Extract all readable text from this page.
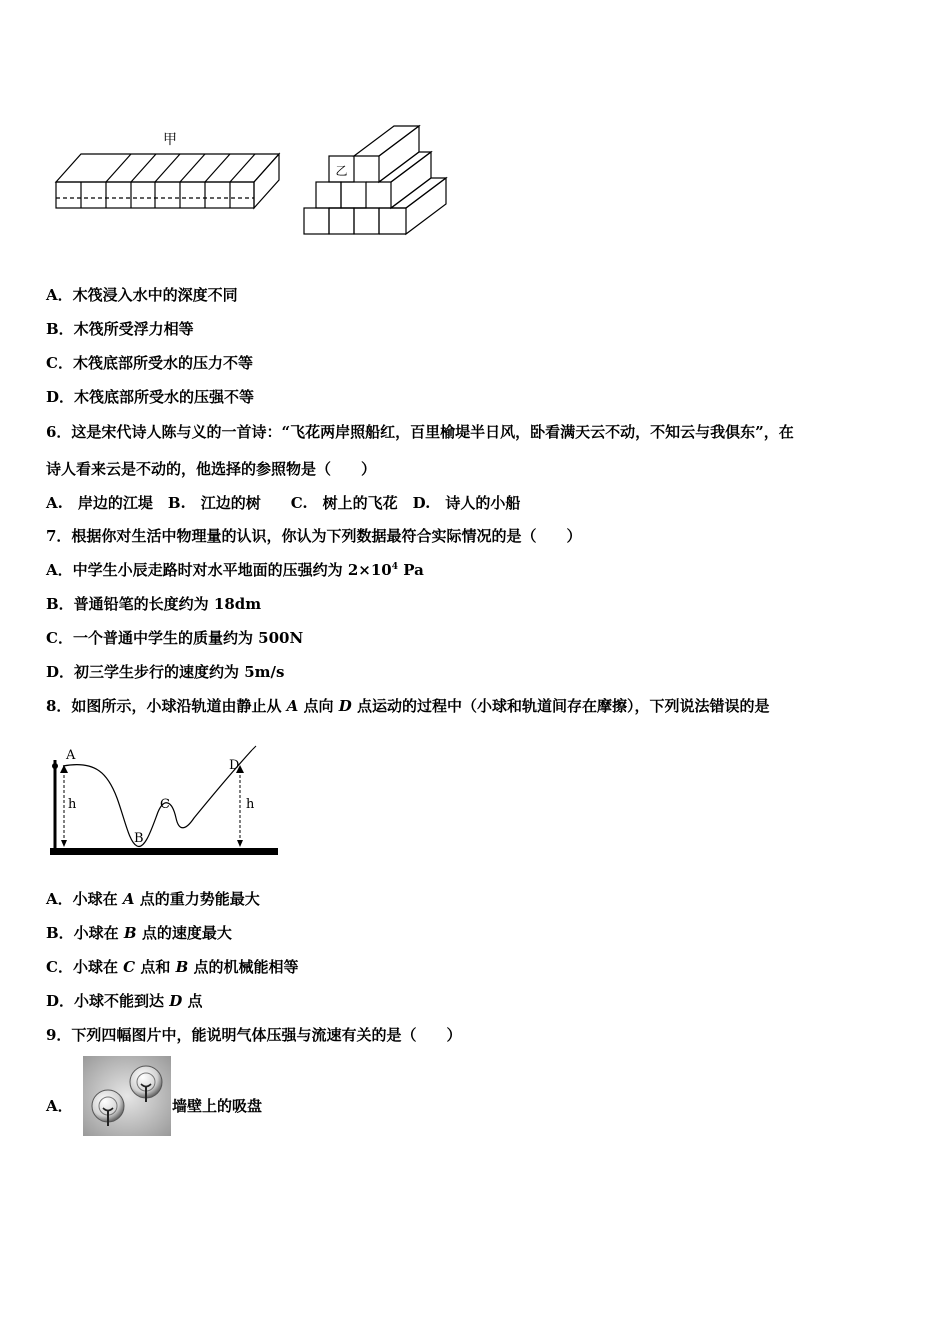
甲
乙
A．木筏浸入水中的深度不同
B．木筏所受浮力相等
C．木筏底部所受水的压力不等
D．木筏底部所受水的压强不等
6．这是宋代诗人陈与义的一首诗：“飞花两岸照船红，百里榆堤半日风，卧看满天云不动，不知云与我俱东”，在
诗人看来云是不动的，他选择的参照物是（　　）
A.　岸边的江堤　B.　江边的树　　C.　树上的飞花　D.　诗人的小船
7．根据你对生活中物理量的认识，你认为下列数据最符合实际情况的是（　　）
A．中学生小辰走路时对水平地面的压强约为 $2\times 10^4$ Pa
B．普通铅笔的长度约为 18dm
C．一个普通中学生的质量约为 500N
D．初三学生步行的速度约为 5m/s
8．如图所示，小球沿轨道由静止从 A 点向 D 点运动的过程中（小球和轨道间存在摩擦），下列说法错误的是
A
B
C
D
h	h
A．小球在 A 点的重力势能最大
B．小球在 B 点的速度最大
C．小球在 C 点和 B 点的机械能相等
D．小球不能到达 D 点
9．下列四幅图片中，能说明气体压强与流速有关的是（　　）
A．	墙壁上的吸盘
